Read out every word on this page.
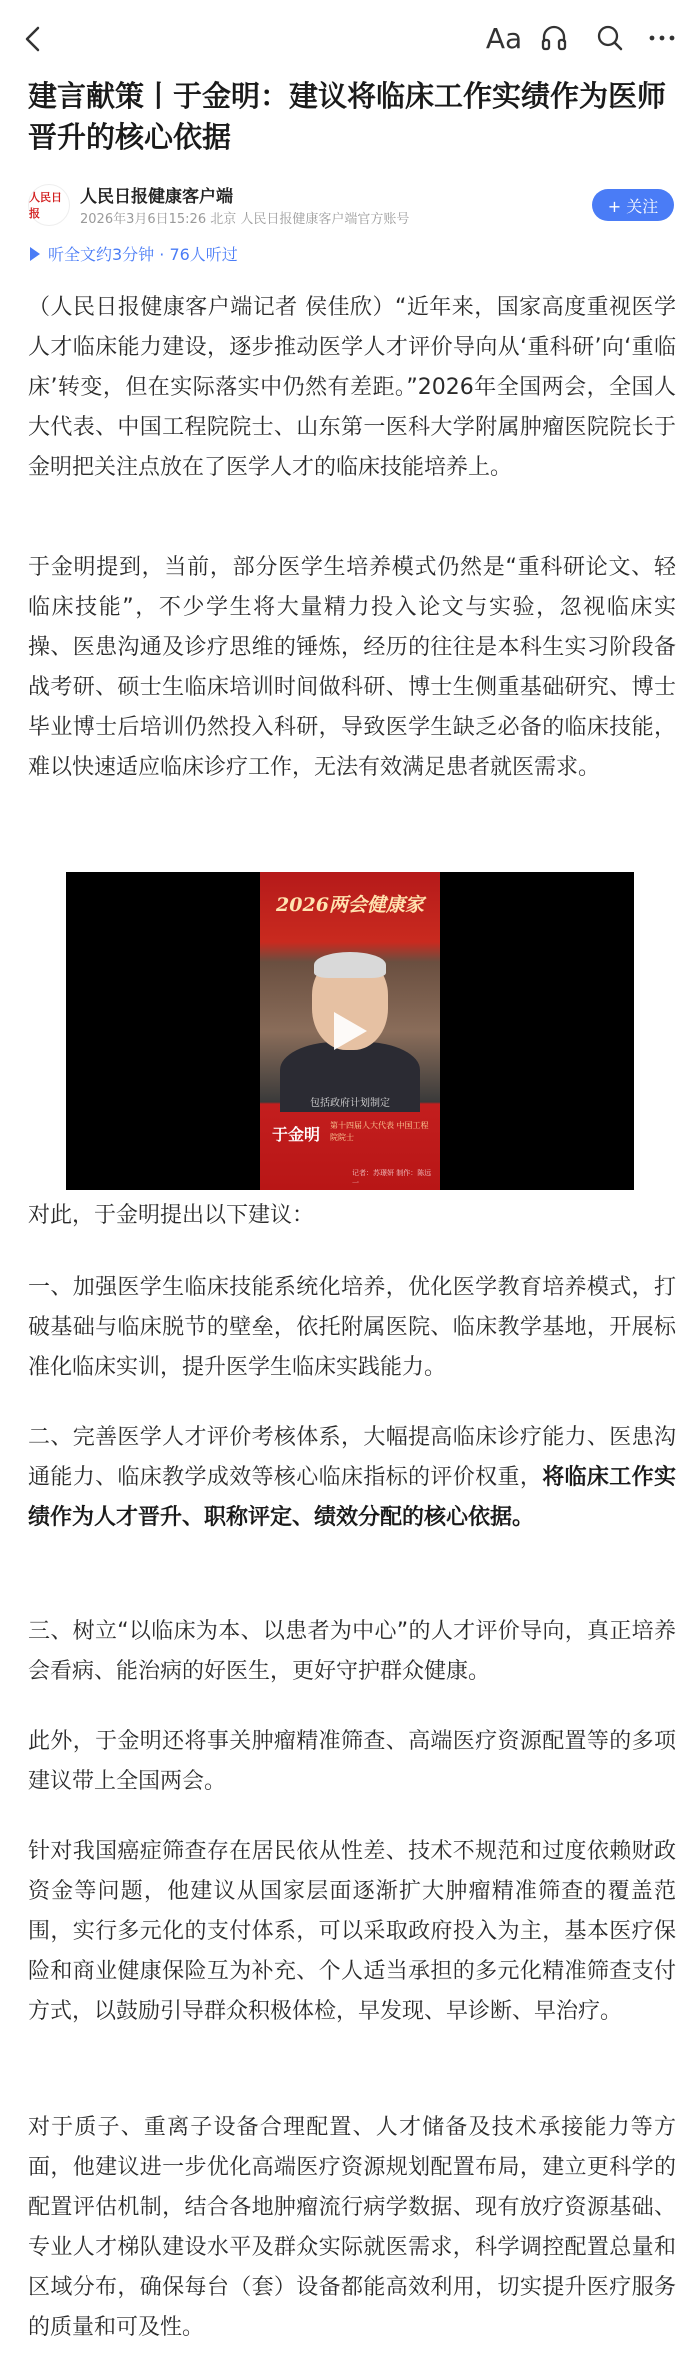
Aa
建言献策丨于金明：建议将临床工作实绩作为医师晋升的核心依据
人民日报
人民日报健康客户端
2026年3月6日15:26 北京 人民日报健康客户端官方账号
+ 关注
听全文约3分钟 · 76人听过

（人民日报健康客户端记者 侯佳欣）“近年来，国家高度重视医学人才临床能力建设，逐步推动医学人才评价导向从‘重科研’向‘重临床’转变，但在实际落实中仍然有差距。”2026年全国两会，全国人大代表、中国工程院院士、山东第一医科大学附属肿瘤医院院长于金明把关注点放在了医学人才的临床技能培养上。

于金明提到，当前，部分医学生培养模式仍然是“重科研论文、轻临床技能”，不少学生将大量精力投入论文与实验，忽视临床实操、医患沟通及诊疗思维的锤炼，经历的往往是本科生实习阶段备战考研、硕士生临床培训时间做科研、博士生侧重基础研究、博士毕业博士后培训仍然投入科研，导致医学生缺乏必备的临床技能，难以快速适应临床诊疗工作，无法有效满足患者就医需求。

2026两会健康家
包括政府计划制定
于金明 第十四届人大代表 中国工程院院士
记者：苏璟妍 制作：陈远一

对此，于金明提出以下建议：

一、加强医学生临床技能系统化培养，优化医学教育培养模式，打破基础与临床脱节的壁垒，依托附属医院、临床教学基地，开展标准化临床实训，提升医学生临床实践能力。

二、完善医学人才评价考核体系，大幅提高临床诊疗能力、医患沟通能力、临床教学成效等核心临床指标的评价权重，将临床工作实绩作为人才晋升、职称评定、绩效分配的核心依据。

三、树立“以临床为本、以患者为中心”的人才评价导向，真正培养会看病、能治病的好医生，更好守护群众健康。

此外，于金明还将事关肿瘤精准筛查、高端医疗资源配置等的多项建议带上全国两会。

针对我国癌症筛查存在居民依从性差、技术不规范和过度依赖财政资金等问题，他建议从国家层面逐渐扩大肿瘤精准筛查的覆盖范围，实行多元化的支付体系，可以采取政府投入为主，基本医疗保险和商业健康保险互为补充、个人适当承担的多元化精准筛查支付方式，以鼓励引导群众积极体检，早发现、早诊断、早治疗。

对于质子、重离子设备合理配置、人才储备及技术承接能力等方面，他建议进一步优化高端医疗资源规划配置布局，建立更科学的配置评估机制，结合各地肿瘤流行病学数据、现有放疗资源基础、专业人才梯队建设水平及群众实际就医需求，科学调控配置总量和区域分布，确保每台（套）设备都能高效利用，切实提升医疗服务的质量和可及性。
